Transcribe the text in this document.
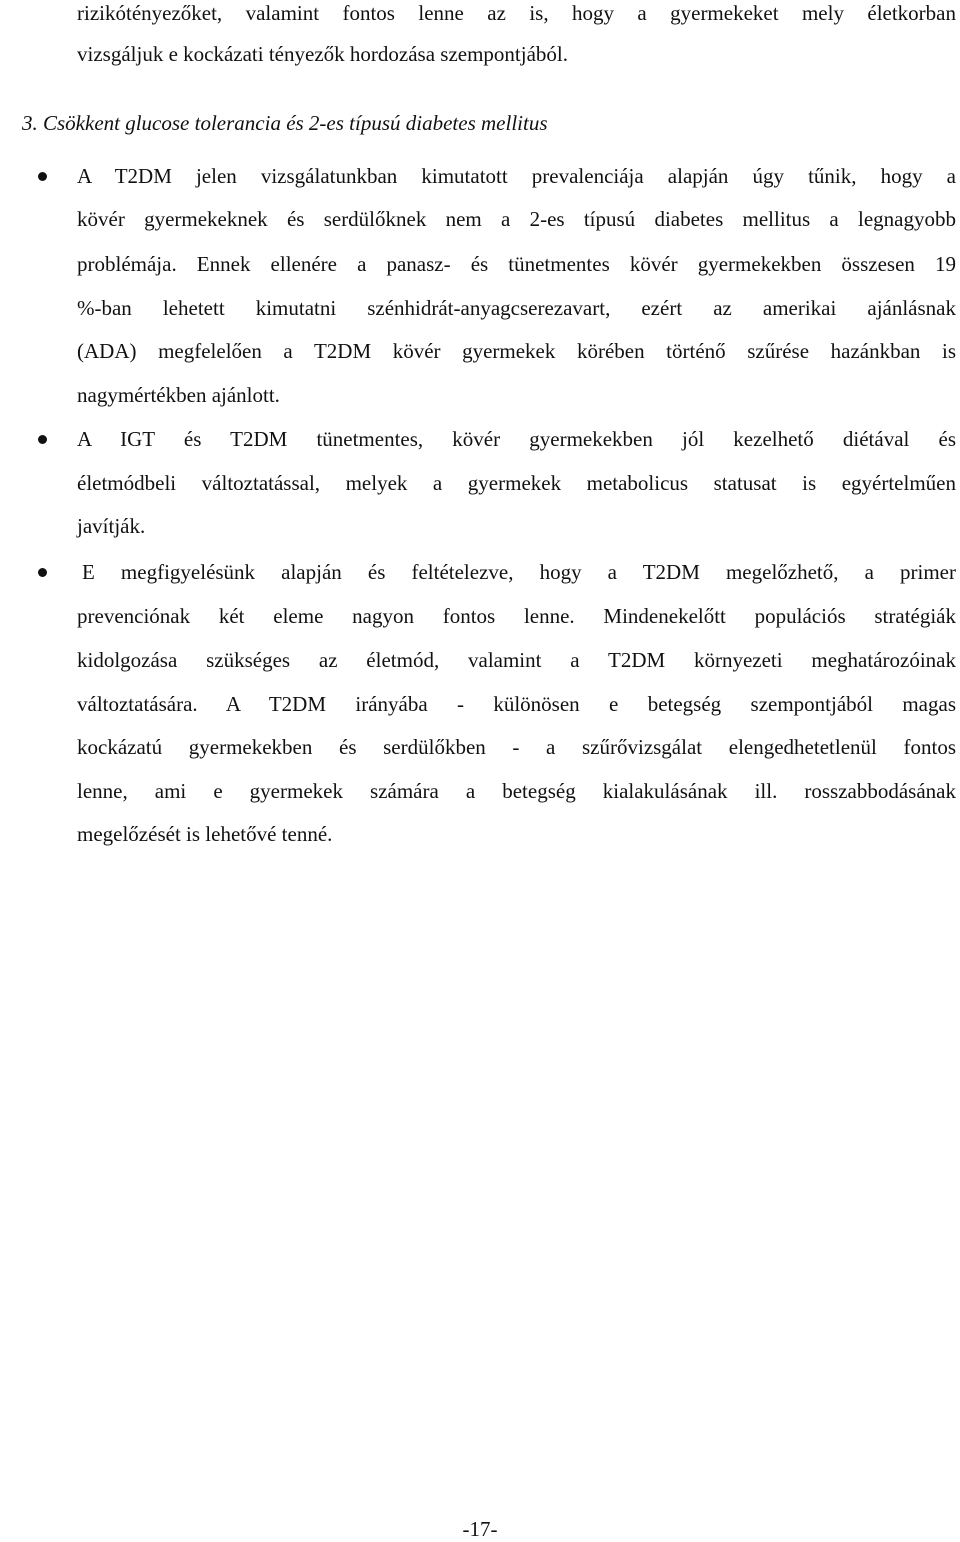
rizikótényezőket, valamint fontos lenne az is, hogy a gyermekeket mely életkorban
vizsgáljuk e kockázati tényezők hordozása szempontjából.
3. Csökkent glucose tolerancia és 2-es típusú diabetes mellitus
A T2DM jelen vizsgálatunkban kimutatott prevalenciája alapján úgy tűnik, hogy a
kövér gyermekeknek és serdülőknek nem a 2-es típusú diabetes mellitus a legnagyobb
problémája. Ennek ellenére a panasz- és tünetmentes kövér gyermekekben összesen 19
%-ban lehetett kimutatni szénhidrát-anyagcserezavart, ezért az amerikai ajánlásnak
(ADA) megfelelően a T2DM kövér gyermekek körében történő szűrése hazánkban is
nagymértékben ajánlott.
A IGT és T2DM tünetmentes, kövér gyermekekben jól kezelhető diétával és
életmódbeli változtatással, melyek a gyermekek metabolicus statusat is egyértelműen
javítják.
E megfigyelésünk alapján és feltételezve, hogy a T2DM megelőzhető, a primer
prevenciónak két eleme nagyon fontos lenne. Mindenekelőtt populációs stratégiák
kidolgozása szükséges az életmód, valamint a T2DM környezeti meghatározóinak
változtatására. A T2DM irányába - különösen e betegség szempontjából magas
kockázatú gyermekekben és serdülőkben - a szűrővizsgálat elengedhetetlenül fontos
lenne, ami e gyermekek számára a betegség kialakulásának ill. rosszabbodásának
megelőzését is lehetővé tenné.
-17-
